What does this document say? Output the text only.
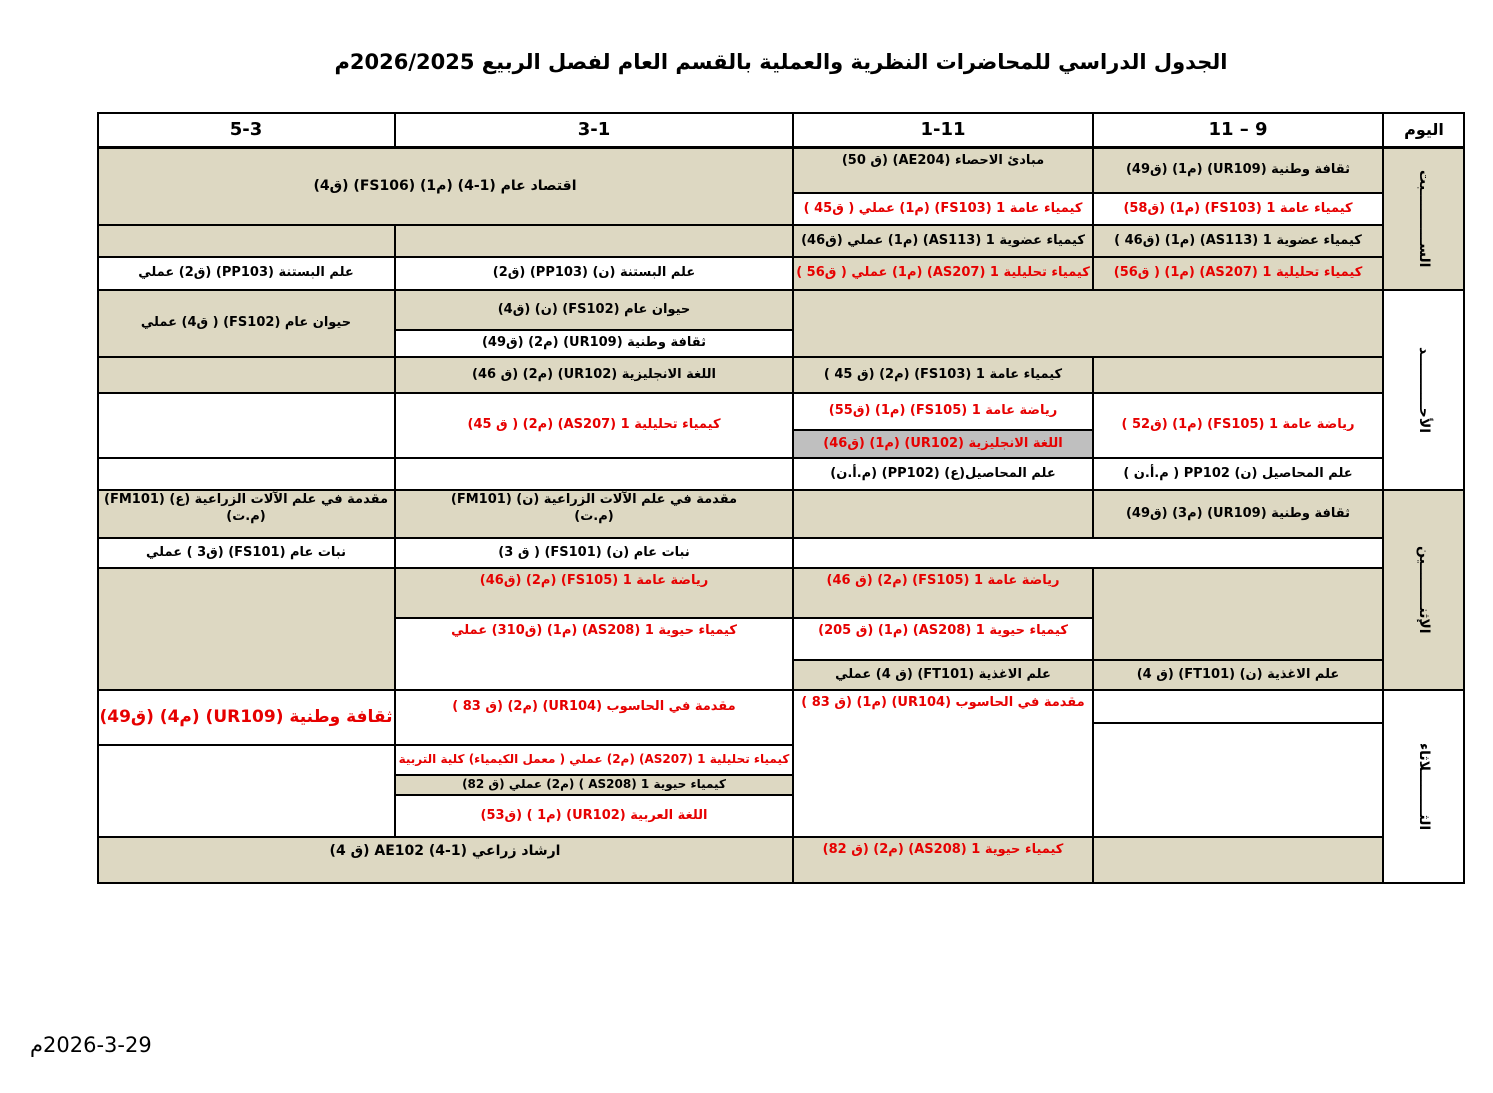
الجدول الدراسي للمحاضرات النظرية والعملية بالقسم العام لفصل الربيع 2026/2025م
اليوم
11 – 9
1-11
3-1
5-3
الســـــــــــبت
ثقافة وطنية (UR109) (م1) (ق49)
كيمياء عامة 1 (FS103) (م1) (ق58)
كيمياء عضوية 1 (AS113) (م1) (ق46 )
كيمياء تحليلية 1 (AS207) (م1) ( ق56)
مبادئ الاحصاء (AE204) (ق 50)
كيمياء عامة 1 (FS103) (م1) عملي ( ق45 )
كيمياء عضوية 1 (AS113) (م1) عملي (ق46)
كيمياء تحليلية 1 (AS207) (م1) عملي ( ق56 )
اقتصاد عام (1-4) (م1) (FS106) (ق4)
علم البستنة (ن) (PP103) (ق2)
علم البستنة (PP103) (ق2) عملي
الأحـــــــــــد
رياضة عامة 1 (FS105) (م1) (ق52 )
علم المحاصيل (ن) PP102 ( م.أ.ن )
كيمياء عامة 1 (FS103) (م2) (ق 45 )
رياضة عامة 1 (FS105) (م1) (ق55)
اللغة الانجليزية (UR102) (م1) (ق46)
علم المحاصيل(ع) (PP102) (م.أ.ن)
حيوان عام (FS102) (ن) (ق4)
ثقافة وطنية (UR109) (م2) (ق49)
اللغة الانجليزية (UR102) (م2) (ق 46)
كيمياء تحليلية 1 (AS207) (م2) ( ق 45)
حيوان عام (FS102) ( ق4) عملي
الإثنـــــــــين
ثقافة وطنية (UR109) (م3) (ق49)
رياضة عامة 1 (FS105) (م2) (ق 46)
كيمياء حيوية 1 (AS208) (م1) (ق 205)
علم الاغذية (ن) (FT101) (ق 4)
علم الاغذية (FT101) (ق 4) عملي
مقدمة في علم الآلات الزراعية (ن) (FM101)
(م.ت)
مقدمة في علم الآلات الزراعية (ع) (FM101)
(م.ت)
نبات عام (ن) (FS101) ( ق 3)
نبات عام (FS101) (ق3 ) عملي
رياضة عامة 1 (FS105) (م2) (ق46)
كيمياء حيوية 1 (AS208) (م1) (ق310) عملي
الثـــــــــلاثاء
مقدمة في الحاسوب (UR104) (م1) (ق 83 )
مقدمة في الحاسوب (UR104) (م2) (ق 83 )
ثقافة وطنية (UR109) (م4) (ق49)
كيمياء تحليلية 1 (AS207) (م2) عملي ( معمل الكيمياء) كلية التربية
كيمياء حيوية 1 (AS208 ) (م2) عملي (ق 82)
اللغة العربية (UR102) (م1 ) (ق53)
ارشاد زراعي (1-4) AE102 (ق 4)	كيمياء حيوية 1 (AS208) (م2) (ق 82)
م 2026-3-29
